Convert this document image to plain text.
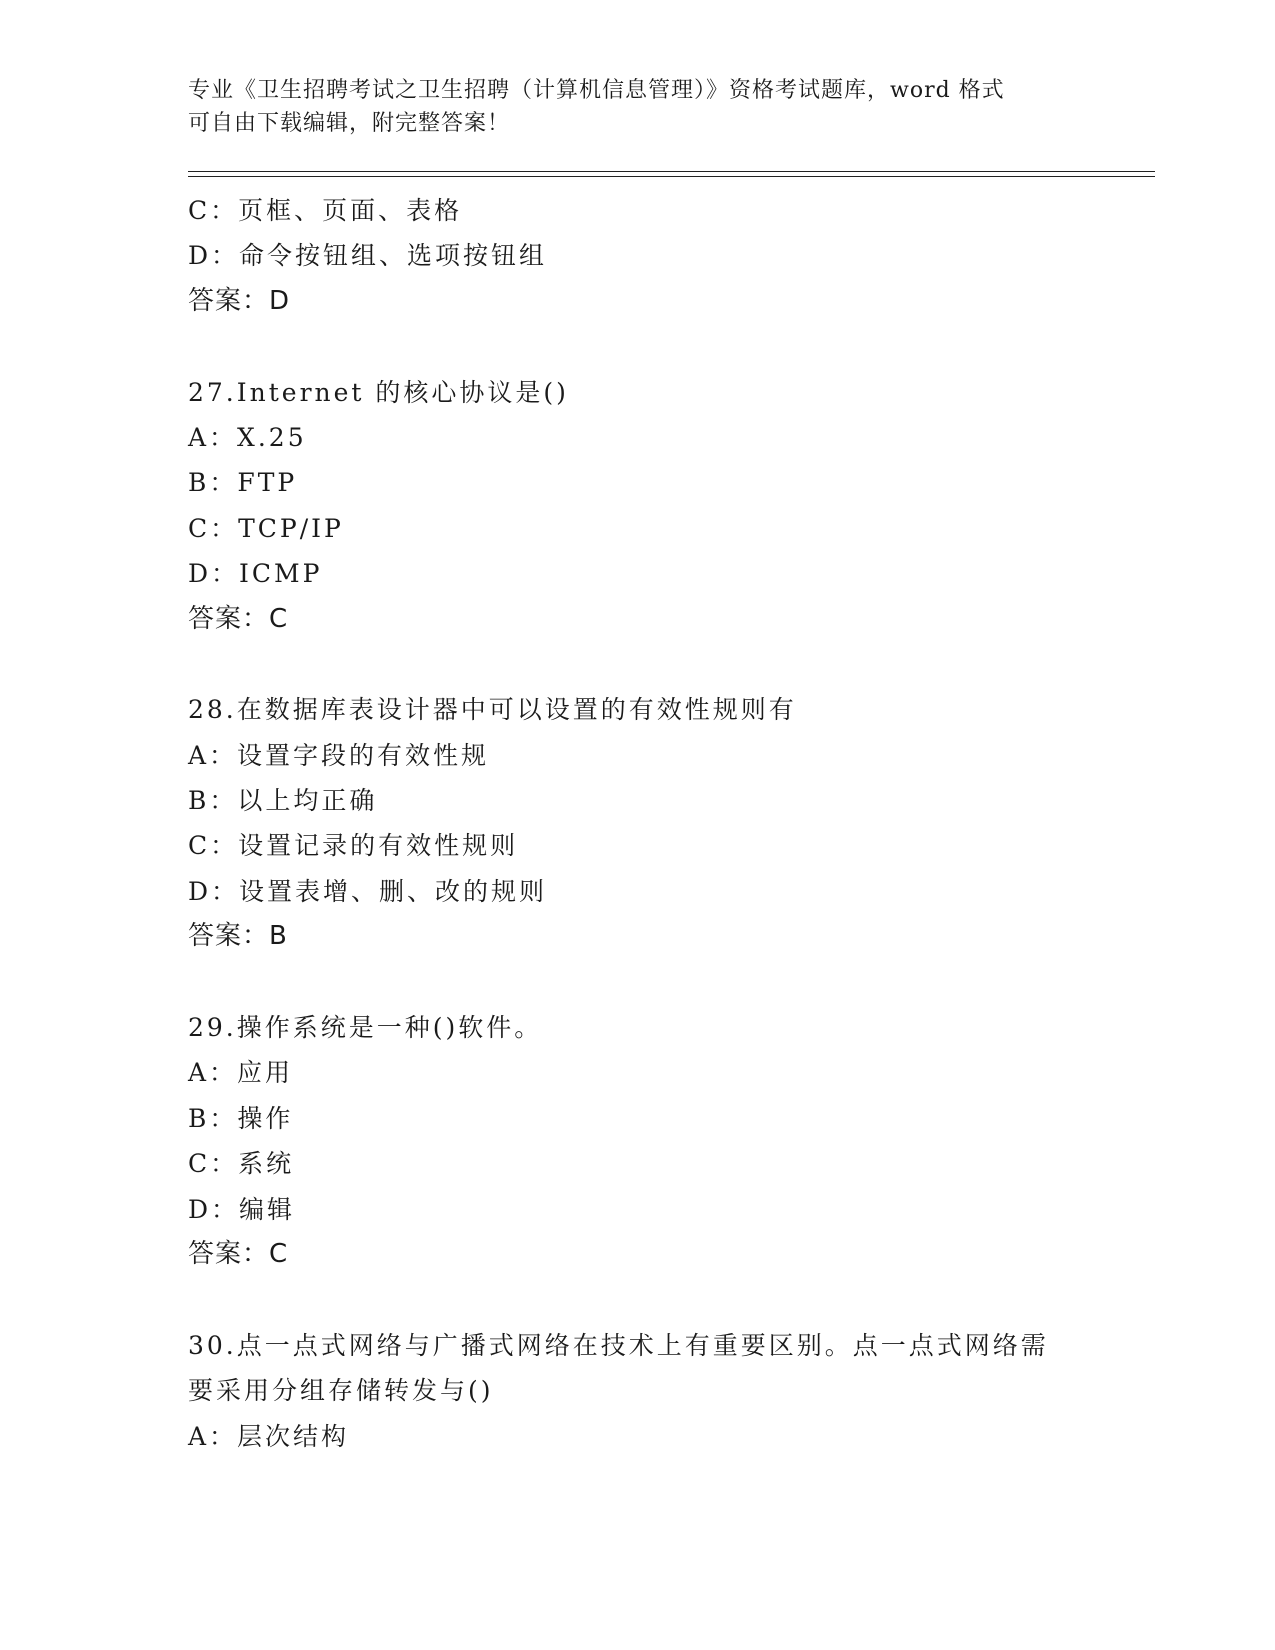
专业《卫生招聘考试之卫生招聘（计算机信息管理）》资格考试题库，word 格式
可自由下载编辑，附完整答案！
C：页框、页面、表格
D：命令按钮组、选项按钮组
答案：D
27.Internet 的核心协议是()
A：X.25
B：FTP
C：TCP/IP
D：ICMP
答案：C
28.在数据库表设计器中可以设置的有效性规则有
A：设置字段的有效性规
B：以上均正确
C：设置记录的有效性规则
D：设置表增、删、改的规则
答案：B
29.操作系统是一种()软件。
A：应用
B：操作
C：系统
D：编辑
答案：C
30.点一点式网络与广播式网络在技术上有重要区别。点一点式网络需
要采用分组存储转发与()
A：层次结构
